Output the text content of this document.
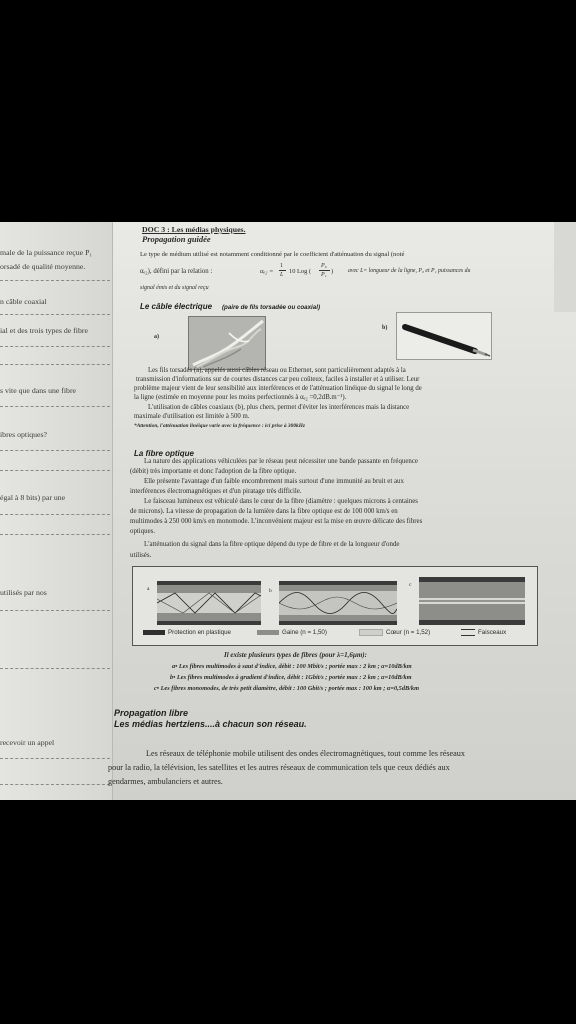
male de la puissance reçue P₁
orsadé de qualité moyenne.
n câble coaxial
ial et des trois types de fibre
s vite que dans une fibre
ibres optiques?
égal à 8 bits) par une
utilisés par nos
recevoir un appel
DOC 3 : Les médias physiques.
Propagation guidée
Le type de médium utilisé est notamment conditionné par le coefficient d'atténuation du signal (noté
αₑ₂), défini par la relation :	αₑ₂ =
1
L 10 Log (
P₀
P₁ )	avec L= longueur de la ligne, P₀ et P₁ puissances du
signal émis et du signal reçu
Le câble électrique (paire de fils torsadée ou coaxial)
a)
b)
Les fils torsadés (a), appelés aussi câbles réseau ou Ethernet, sont particulièrement adaptés à la
transmission d'informations sur de courtes distances car peu coûteux, faciles à installer et à utiliser. Leur
problème majeur vient de leur sensibilité aux interférences et de l'atténuation linéique du signal le long de
la ligne (estimée en moyenne pour les moins perfectionnés à αₑ₂ =0,2dB.m⁻¹).
L'utilisation de câbles coaxiaux (b), plus chers, permet d'éviter les interférences mais la distance
maximale d'utilisation est limitée à 500 m.
*Attention, l'atténuation linéique varie avec la fréquence : ici prise à 300kHz
La fibre optique
La nature des applications véhiculées par le réseau peut nécessiter une bande passante en fréquence
(débit) très importante et donc l'adoption de la fibre optique.
Elle présente l'avantage d'un faible encombrement mais surtout d'une immunité au bruit et aux
interférences électromagnétiques et d'un piratage très difficile.
Le faisceau lumineux est véhiculé dans le cœur de la fibre (diamètre : quelques microns à centaines
de microns). La vitesse de propagation de la lumière dans la fibre optique est de 100 000 km/s en
multimodes à 250 000 km/s en monomode. L'inconvénient majeur est la mise en œuvre délicate des fibres
optiques.
L'atténuation du signal dans la fibre optique dépend du type de fibre et de la longueur d'onde
utilisés.
a	b
c
Protection en plastique	Gaine (n = 1,50)	Cœur (n = 1,52)	Faisceaux
Il existe plusieurs types de fibres (pour λ=1,6µm):
a• Les fibres multimodes à saut d'indice, débit : 100 Mbit/s ; portée max : 2 km ; α=10dB/km
b• Les fibres multimodes à gradient d'indice, débit : 1Gbit/s ; portée max : 2 km ; α=10dB/km
c• Les fibres monomodes, de très petit diamètre, débit : 100 Gbit/s ; portée max : 100 km ; α=0,5dB/km
Propagation libre
Les médias hertziens....à chacun son réseau.
Les réseaux de téléphonie mobile utilisent des ondes électromagnétiques, tout comme les réseaux
pour la radio, la télévision, les satellites et les autres réseaux de communication tels que ceux dédiés aux
gendarmes, ambulanciers et autres.
